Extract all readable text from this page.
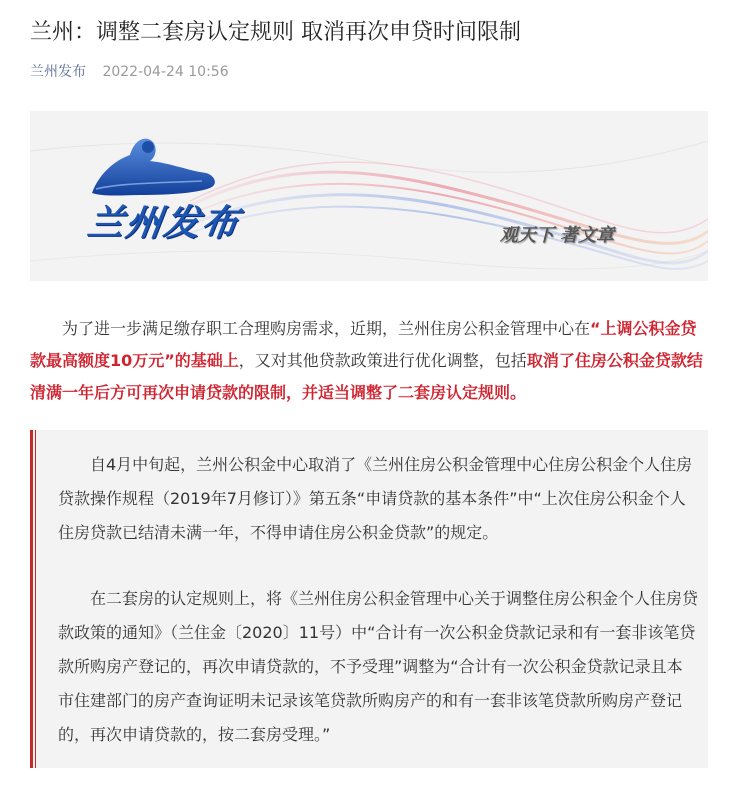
兰州：调整二套房认定规则 取消再次申贷时间限制
兰州发布 2022-04-24 10:56
兰州发布	观天下 著文章

为了进一步满足缴存职工合理购房需求，近期，兰州住房公积金管理中心在“上调公积金贷款最高额度10万元”的基础上，又对其他贷款政策进行优化调整，包括取消了住房公积金贷款结清满一年后方可再次申请贷款的限制，并适当调整了二套房认定规则。

自4月中旬起，兰州公积金中心取消了《兰州住房公积金管理中心住房公积金个人住房贷款操作规程（2019年7月修订）》第五条“申请贷款的基本条件”中“上次住房公积金个人住房贷款已结清未满一年，不得申请住房公积金贷款”的规定。

在二套房的认定规则上，将《兰州住房公积金管理中心关于调整住房公积金个人住房贷款政策的通知》（兰住金〔2020〕11号）中“合计有一次公积金贷款记录和有一套非该笔贷款所购房产登记的，再次申请贷款的，不予受理”调整为“合计有一次公积金贷款记录且本市住建部门的房产查询证明未记录该笔贷款所购房产的和有一套非该笔贷款所购房产登记的，再次申请贷款的，按二套房受理。”
